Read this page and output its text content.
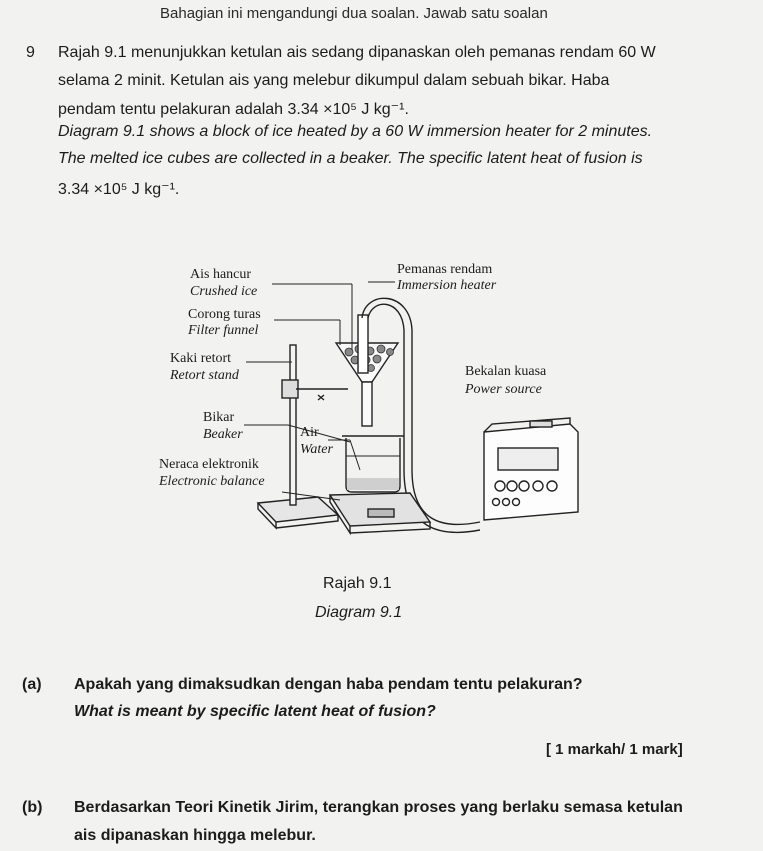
Bahagian ini mengandungi dua soalan. Jawab satu soalan
9 Rajah 9.1 menunjukkan ketulan ais sedang dipanaskan oleh pemanas rendam 60 W
selama 2 minit. Ketulan ais yang melebur dikumpul dalam sebuah bikar. Haba
pendam tentu pelakuran adalah 3.34 ×10⁵ J kg⁻¹.
Diagram 9.1 shows a block of ice heated by a 60 W immersion heater for 2 minutes.
The melted ice cubes are collected in a beaker. The specific latent heat of fusion is
3.34 ×10⁵ J kg⁻¹.
Ais hancur
Crushed ice
Corong turas
Filter funnel
Kaki retort
Retort stand
Bikar
Beaker	Air
Water
Neraca elektronik
Electronic balance
Pemanas rendam
Immersion heater
Bekalan kuasa
Power source
Rajah 9.1
Diagram 9.1
(a) Apakah yang dimaksudkan dengan haba pendam tentu pelakuran?
What is meant by specific latent heat of fusion?
[ 1 markah/ 1 mark]
(b) Berdasarkan Teori Kinetik Jirim, terangkan proses yang berlaku semasa ketulan
ais dipanaskan hingga melebur.
